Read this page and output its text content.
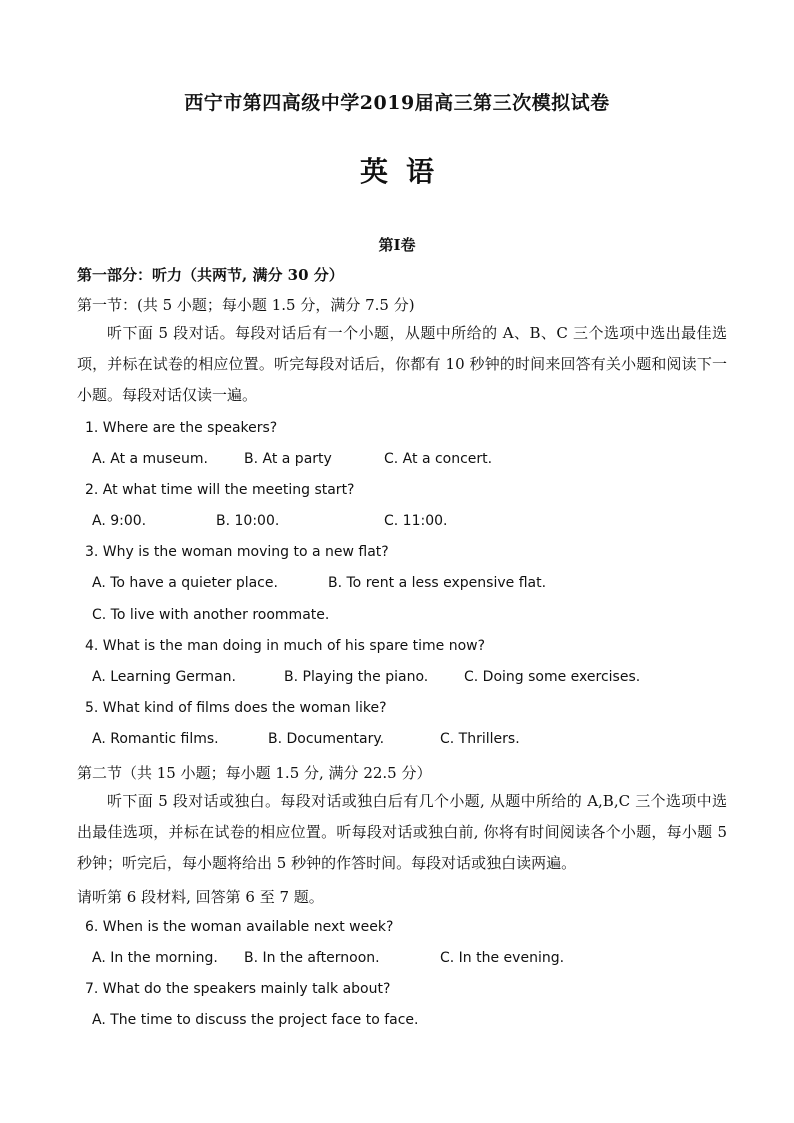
西宁市第四高级中学2019届高三第三次模拟试卷
英语
第Ⅰ卷
第一部分：听力（共两节, 满分 30 分）
第一节：(共 5 小题；每小题 1.5 分，满分 7.5 分)
听下面 5 段对话。每段对话后有一个小题，从题中所给的 A、B、C 三个选项中选出最佳选项，并标在试卷的相应位置。听完每段对话后，你都有 10 秒钟的时间来回答有关小题和阅读下一小题。每段对话仅读一遍。
1. Where are the speakers?
A. At a museum.	B. At a party	C. At a concert.
2. At what time will the meeting start?
A. 9:00.	B. 10:00.	C. 11:00.
3. Why is the woman moving to a new flat?
A. To have a quieter place.	B. To rent a less expensive flat.
C. To live with another roommate.
4. What is the man doing in much of his spare time now?
A. Learning German.	B. Playing the piano.	C. Doing some exercises.
5. What kind of films does the woman like?
A. Romantic films.	B. Documentary.	C. Thrillers.
第二节（共 15 小题；每小题 1.5 分, 满分 22.5 分）
听下面 5 段对话或独白。每段对话或独白后有几个小题, 从题中所给的 A,B,C 三个选项中选出最佳选项，并标在试卷的相应位置。听每段对话或独白前, 你将有时间阅读各个小题，每小题 5 秒钟；听完后，每小题将给出 5 秒钟的作答时间。每段对话或独白读两遍。
请听第 6 段材料, 回答第 6 至 7 题。
6. When is the woman available next week?
A. In the morning. B. In the afternoon.	C. In the evening.
7. What do the speakers mainly talk about?
A. The time to discuss the project face to face.
